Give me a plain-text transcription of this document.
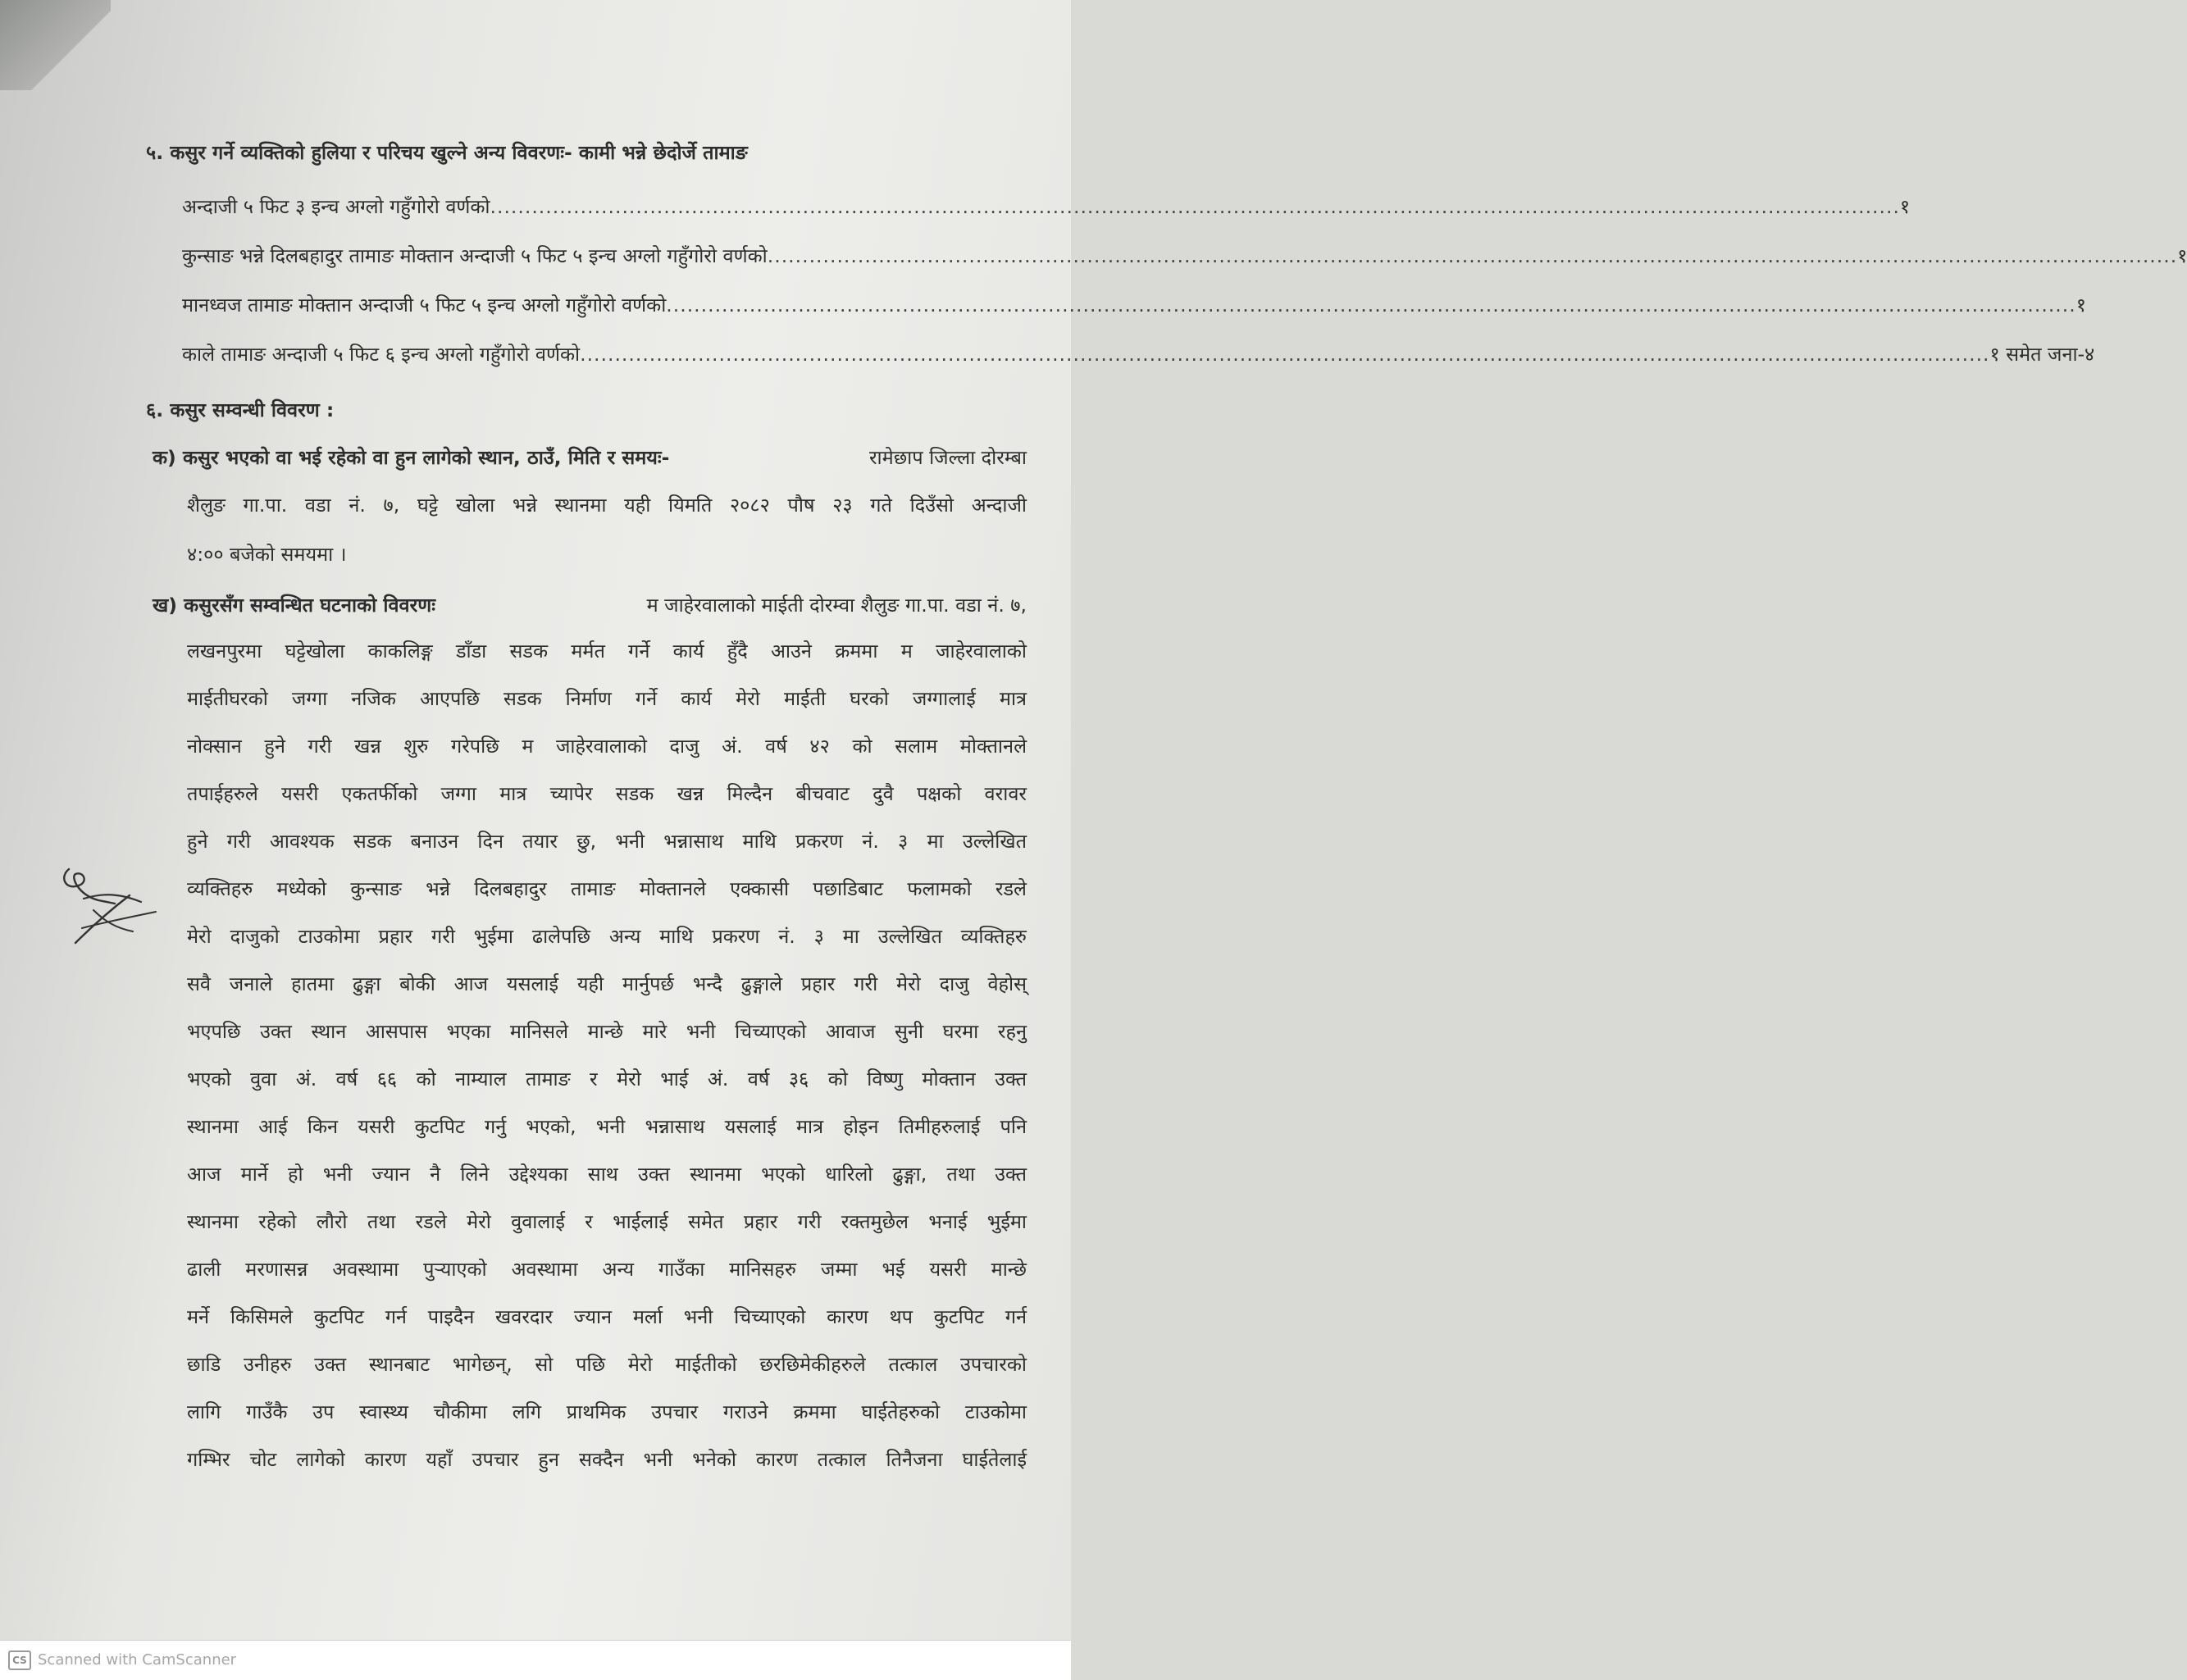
५. कसुर गर्ने व्यक्तिको हुलिया र परिचय खुल्ने अन्य विवरणः- कामी भन्ने छेदोर्जे तामाङ
अन्दाजी ५ फिट ३ इन्च अग्लो गहुँगोरो वर्णको ........................................................................................................................................................................................................... १
कुन्साङ भन्ने दिलबहादुर तामाङ मोक्तान अन्दाजी ५ फिट ५ इन्च अग्लो गहुँगोरो वर्णको ........................................................................................................................................................................................................... १
मानध्वज तामाङ मोक्तान अन्दाजी ५ फिट ५ इन्च अग्लो गहुँगोरो वर्णको ........................................................................................................................................................................................................... १
काले तामाङ अन्दाजी ५ फिट ६ इन्च अग्लो गहुँगोरो वर्णको ........................................................................................................................................................................................................... १ समेत जना-४
६. कसुर सम्वन्धी विवरण :
क) कसुर भएको वा भई रहेको वा हुन लागेको स्थान, ठाउँ, मिति र समयः-	रामेछाप जिल्ला दोरम्बा
शैलुङ गा.पा. वडा नं. ७, घट्टे खोला भन्ने स्थानमा यही यिमति २०८२ पौष २३ गते दिउँसो अन्दाजी
४:०० बजेको समयमा ।
ख) कसुरसँग सम्वन्धित घटनाको विवरणः	म जाहेरवालाको माईती दोरम्वा शैलुङ गा.पा. वडा नं. ७,
लखनपुरमा घट्टेखोला काकलिङ्ग डाँडा सडक मर्मत गर्ने कार्य हुँदै आउने क्रममा म जाहेरवालाको
माईतीघरको जग्गा नजिक आएपछि सडक निर्माण गर्ने कार्य मेरो माईती घरको जग्गालाई मात्र
नोक्सान हुने गरी खन्न शुरु गरेपछि म जाहेरवालाको दाजु अं. वर्ष ४२ को सलाम मोक्तानले
तपाईहरुले यसरी एकतर्फीको जग्गा मात्र च्यापेर सडक खन्न मिल्दैन बीचवाट दुवै पक्षको वरावर
हुने गरी आवश्यक सडक बनाउन दिन तयार छु, भनी भन्नासाथ माथि प्रकरण नं. ३ मा उल्लेखित
व्यक्तिहरु मध्येको कुन्साङ भन्ने दिलबहादुर तामाङ मोक्तानले एक्कासी पछाडिबाट फलामको रडले
मेरो दाजुको टाउकोमा प्रहार गरी भुईमा ढालेपछि अन्य माथि प्रकरण नं. ३ मा उल्लेखित व्यक्तिहरु
सवै जनाले हातमा ढुङ्गा बोकी आज यसलाई यही मार्नुपर्छ भन्दै ढुङ्गाले प्रहार गरी मेरो दाजु वेहोस्
भएपछि उक्त स्थान आसपास भएका मानिसले मान्छे मारे भनी चिच्याएको आवाज सुनी घरमा रहनु
भएको वुवा अं. वर्ष ६६ को नाम्याल तामाङ र मेरो भाई अं. वर्ष ३६ को विष्णु मोक्तान उक्त
स्थानमा आई किन यसरी कुटपिट गर्नु भएको, भनी भन्नासाथ यसलाई मात्र होइन तिमीहरुलाई पनि
आज मार्ने हो भनी ज्यान नै लिने उद्देश्यका साथ उक्त स्थानमा भएको धारिलो ढुङ्गा, तथा उक्त
स्थानमा रहेको लौरो तथा रडले मेरो वुवालाई र भाईलाई समेत प्रहार गरी रक्तमुछेल भनाई भुईमा
ढाली मरणासन्न अवस्थामा पुर्‍याएको अवस्थामा अन्य गाउँका मानिसहरु जम्मा भई यसरी मान्छे
मर्ने किसिमले कुटपिट गर्न पाइदैन खवरदार ज्यान मर्ला भनी चिच्याएको कारण थप कुटपिट गर्न
छाडि उनीहरु उक्त स्थानबाट भागेछन्, सो पछि मेरो माईतीको छरछिमेकीहरुले तत्काल उपचारको
लागि गाउँकै उप स्वास्थ्य चौकीमा लगि प्राथमिक उपचार गराउने क्रममा घाईतेहरुको टाउकोमा
गम्भिर चोट लागेको कारण यहाँ उपचार हुन सक्दैन भनी भनेको कारण तत्काल तिनैजना घाईतेलाई
CS Scanned with CamScanner
